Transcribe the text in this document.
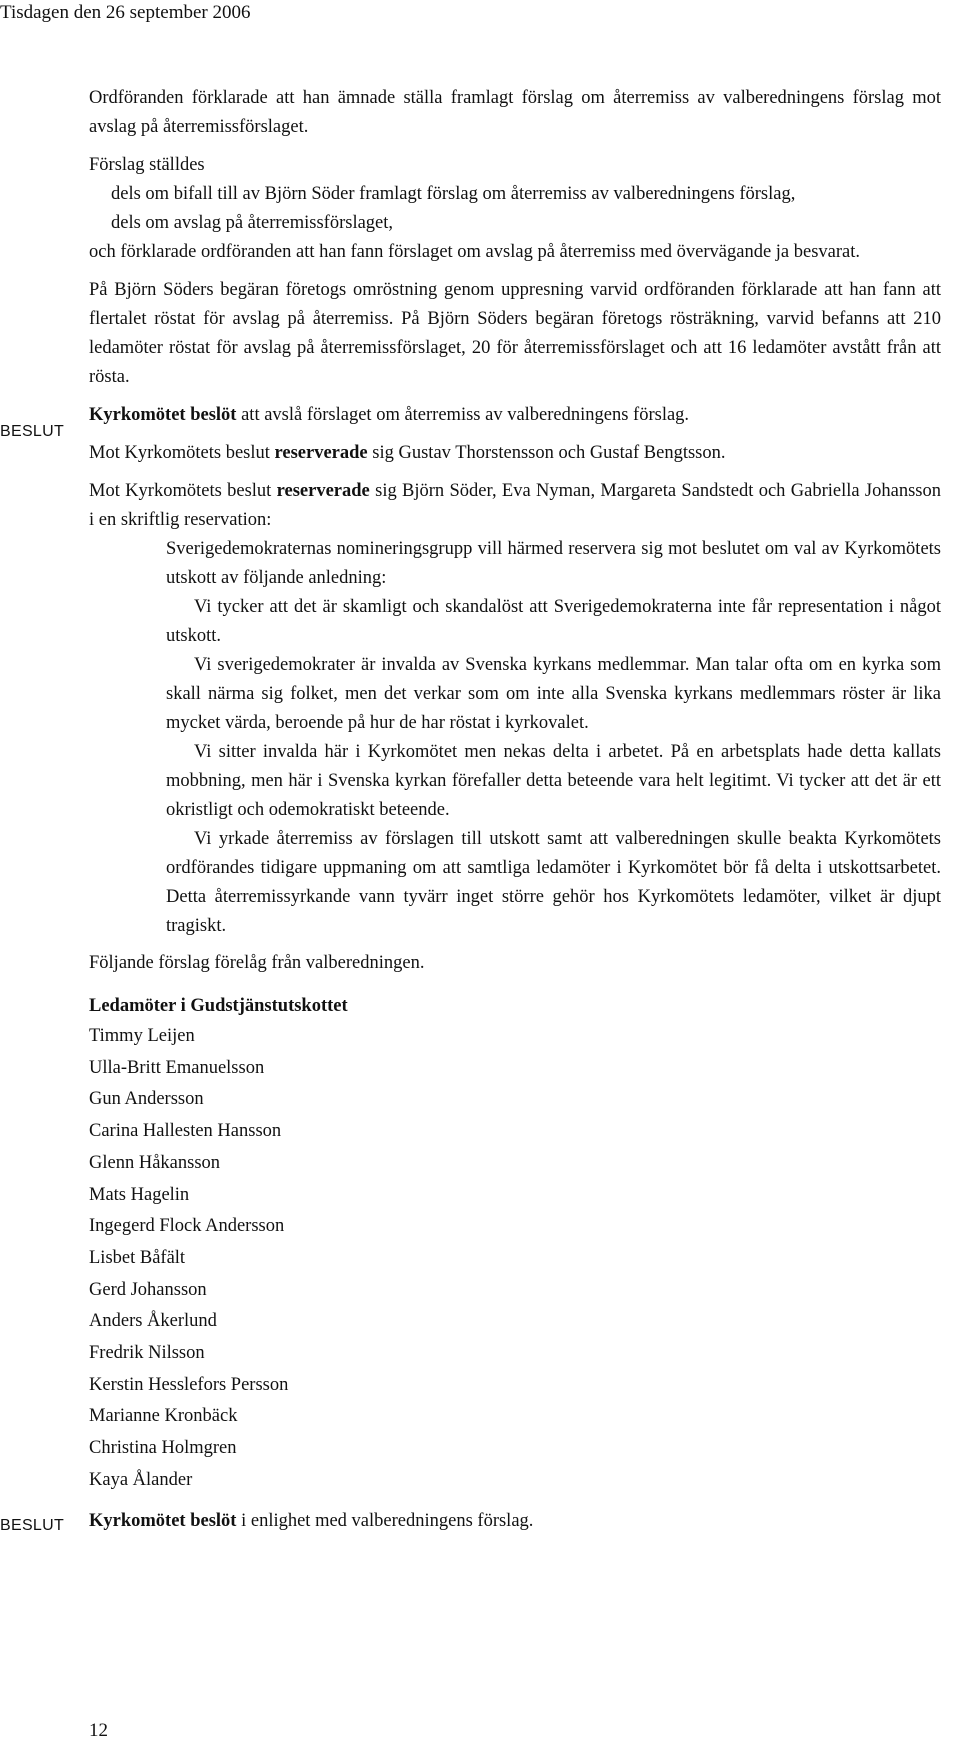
Tisdagen den 26 september 2006
BESLUT
BESLUT

Ordföranden förklarade att han ämnade ställa framlagt förslag om återremiss av valberedningens förslag mot avslag på återremissförslaget.

Förslag ställdes

dels om bifall till av Björn Söder framlagt förslag om återremiss av valberedningens förslag,

dels om avslag på återremissförslaget,

och förklarade ordföranden att han fann förslaget om avslag på återremiss med övervägande ja besvarat.

På Björn Söders begäran företogs omröstning genom uppresning varvid ordföranden förklarade att han fann att flertalet röstat för avslag på återremiss. På Björn Söders begäran företogs rösträkning, varvid befanns att 210 ledamöter röstat för avslag på återremissförslaget, 20 för återremissförslaget och att 16 ledamöter avstått från att rösta.

Kyrkomötet beslöt att avslå förslaget om återremiss av valberedningens förslag.

Mot Kyrkomötets beslut reserverade sig Gustav Thorstensson och Gustaf Bengtsson.

Mot Kyrkomötets beslut reserverade sig Björn Söder, Eva Nyman, Margareta Sandstedt och Gabriella Johansson i en skriftlig reservation:

Sverigedemokraternas nomineringsgrupp vill härmed reservera sig mot beslutet om val av Kyrkomötets utskott av följande anledning:

Vi tycker att det är skamligt och skandalöst att Sverigedemokraterna inte får representation i något utskott.

Vi sverigedemokrater är invalda av Svenska kyrkans medlemmar. Man talar ofta om en kyrka som skall närma sig folket, men det verkar som om inte alla Svenska kyrkans medlemmars röster är lika mycket värda, beroende på hur de har röstat i kyrkovalet.

Vi sitter invalda här i Kyrkomötet men nekas delta i arbetet. På en arbetsplats hade detta kallats mobbning, men här i Svenska kyrkan förefaller detta beteende vara helt legitimt. Vi tycker att det är ett okristligt och odemokratiskt beteende.

Vi yrkade återremiss av förslagen till utskott samt att valberedningen skulle beakta Kyrkomötets ordförandes tidigare uppmaning om att samtliga ledamöter i Kyrkomötet bör få delta i utskottsarbetet. Detta återremissyrkande vann tyvärr inget större gehör hos Kyrkomötets ledamöter, vilket är djupt tragiskt.

Följande förslag förelåg från valberedningen.

Ledamöter i Gudstjänstutskottet

Timmy Leijen

Ulla-Britt Emanuelsson

Gun Andersson

Carina Hallesten Hansson

Glenn Håkansson

Mats Hagelin

Ingegerd Flock Andersson

Lisbet Båfält

Gerd Johansson

Anders Åkerlund

Fredrik Nilsson

Kerstin Hesslefors Persson

Marianne Kronbäck

Christina Holmgren

Kaya Ålander

Kyrkomötet beslöt i enlighet med valberedningens förslag.

12
